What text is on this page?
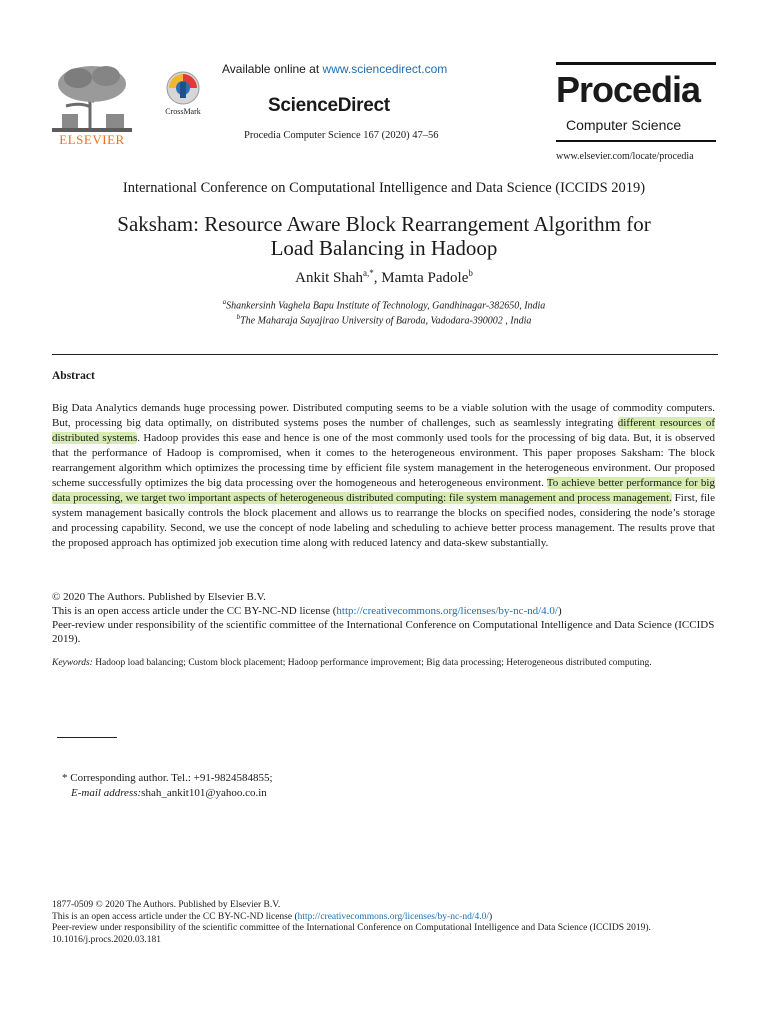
ELSEVIER
CrossMark
Available online at www.sciencedirect.com
ScienceDirect
Procedia Computer Science 167 (2020) 47–56
Procedia
Computer Science
www.elsevier.com/locate/procedia
International Conference on Computational Intelligence and Data Science (ICCIDS 2019)
Saksham: Resource Aware Block Rearrangement Algorithm for
Load Balancing in Hadoop
Ankit Shah$^{a,*}$, Mamta Padole$^b$
$^a$Shankersinh Vaghela Bapu Institute of Technology, Gandhinagar-382650, India
$^b$The Maharaja Sayajirao University of Baroda, Vadodara-390002 , India
Abstract
Big Data Analytics demands huge processing power. Distributed computing seems to be a viable solution with the usage of commodity computers. But, processing big data optimally, on distributed systems poses the number of challenges, such as seamlessly integrating different resources of distributed systems. Hadoop provides this ease and hence is one of the most commonly used tools for the processing of big data. But, it is observed that the performance of Hadoop is compromised, when it comes to the heterogeneous environment. This paper proposes Saksham: The block rearrangement algorithm which optimizes the processing time by efficient file system management in the heterogeneous environment. Our proposed scheme successfully optimizes the big data processing over the homogeneous and heterogeneous environment. To achieve better performance for big data processing, we target two important aspects of heterogeneous distributed computing: file system management and process management. First, file system management basically controls the block placement and allows us to rearrange the blocks on specified nodes, considering the node’s storage and processing capability. Second, we use the concept of node labeling and scheduling to achieve better process management. The results prove that the proposed approach has optimized job execution time along with reduced latency and data-skew substantially.
© 2020 The Authors. Published by Elsevier B.V.
This is an open access article under the CC BY-NC-ND license (http://creativecommons.org/licenses/by-nc-nd/4.0/)
Peer-review under responsibility of the scientific committee of the International Conference on Computational Intelligence and Data Science (ICCIDS 2019).
Keywords: Hadoop load balancing; Custom block placement; Hadoop performance improvement; Big data processing; Heterogeneous distributed computing.
* Corresponding author. Tel.: +91-9824584855;
E-mail address:shah_ankit101@yahoo.co.in
1877-0509 © 2020 The Authors. Published by Elsevier B.V.
This is an open access article under the CC BY-NC-ND license (http://creativecommons.org/licenses/by-nc-nd/4.0/)
Peer-review under responsibility of the scientific committee of the International Conference on Computational Intelligence and Data Science (ICCIDS 2019).
10.1016/j.procs.2020.03.181
